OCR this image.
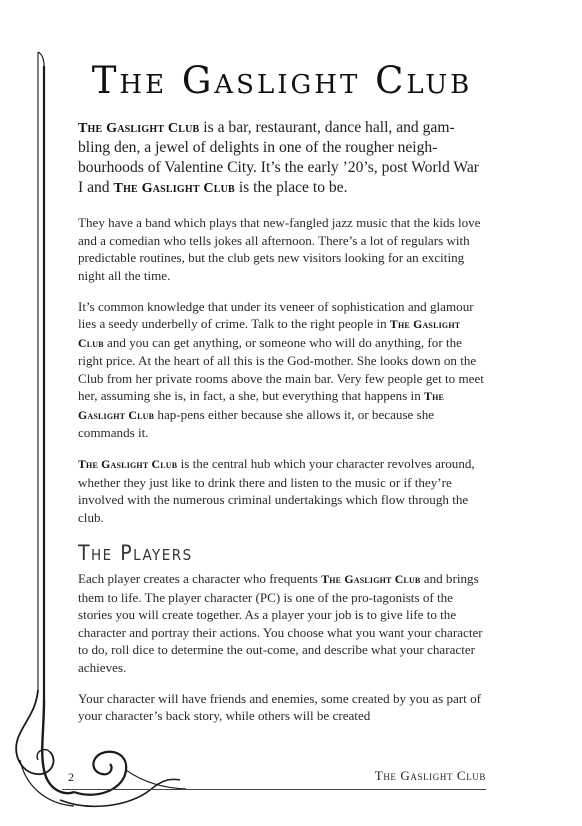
The Gaslight Club

The Gaslight Club is a bar, restaurant, dance hall, and gam-bling den, a jewel of delights in one of the rougher neigh-bourhoods of Valentine City. It’s the early ’20’s, post World War I and The Gaslight Club is the place to be.

They have a band which plays that new-fangled jazz music that the kids love and a comedian who tells jokes all afternoon. There’s a lot of regulars with predictable routines, but the club gets new visitors looking for an exciting night all the time.

It’s common knowledge that under its veneer of sophistication and glamour lies a seedy underbelly of crime. Talk to the right people in The Gaslight Club and you can get anything, or someone who will do anything, for the right price. At the heart of all this is the God-mother. She looks down on the Club from her private rooms above the main bar. Very few people get to meet her, assuming she is, in fact, a she, but everything that happens in The Gaslight Club hap-pens either because she allows it, or because she commands it.

The Gaslight Club is the central hub which your character revolves around, whether they just like to drink there and listen to the music or if they’re involved with the numerous criminal undertakings which flow through the club.

The Players

Each player creates a character who frequents The Gaslight Club and brings them to life. The player character (PC) is one of the pro-tagonists of the stories you will create together. As a player your job is to give life to the character and portray their actions. You choose what you want your character to do, roll dice to determine the out-come, and describe what your character achieves.

Your character will have friends and enemies, some created by you as part of your character’s back story, while others will be created

2	The Gaslight Club
